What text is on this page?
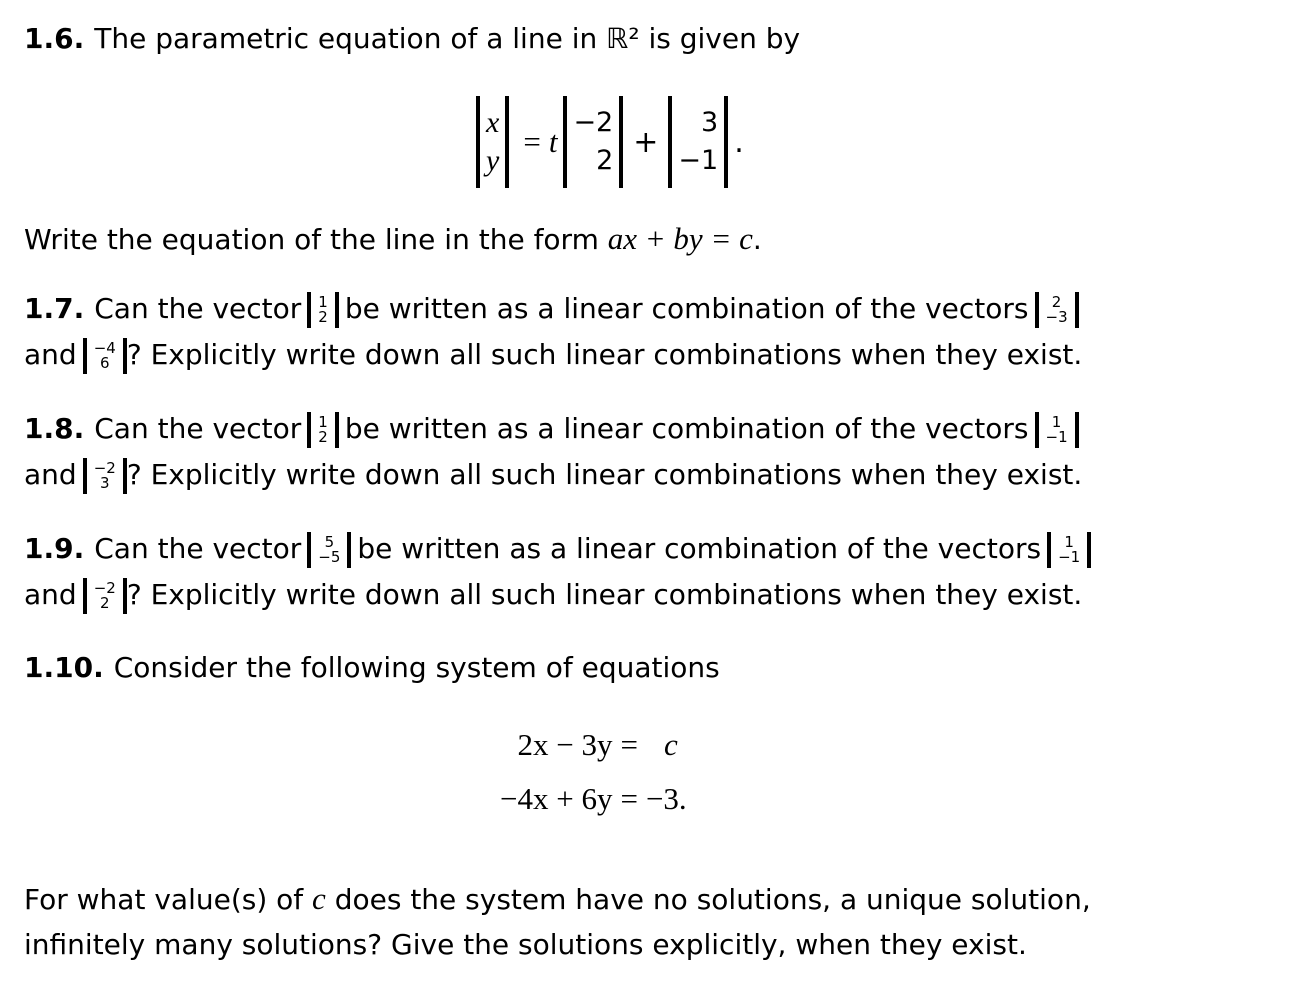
1.6. The parametric equation of a line in ℝ² is given by
x
y
= t
−2
2
+
3
−1
.
Write the equation of the line in the form ax + by = c.
1.7. Can the vector 1
2 be written as a linear combination of the vectors 2
−3
and −4
6 ? Explicitly write down all such linear combinations when they exist.
1.8. Can the vector 1
2 be written as a linear combination of the vectors 1
−1
and −2
3 ? Explicitly write down all such linear combinations when they exist.
1.9. Can the vector 5
−5 be written as a linear combination of the vectors 1
−1
and −2
2 ? Explicitly write down all such linear combinations when they exist.
1.10. Consider the following system of equations
2x − 3y	=	c
−4x + 6y	=	−3.
For what value(s) of c does the system have no solutions, a unique solution,
infinitely many solutions? Give the solutions explicitly, when they exist.
